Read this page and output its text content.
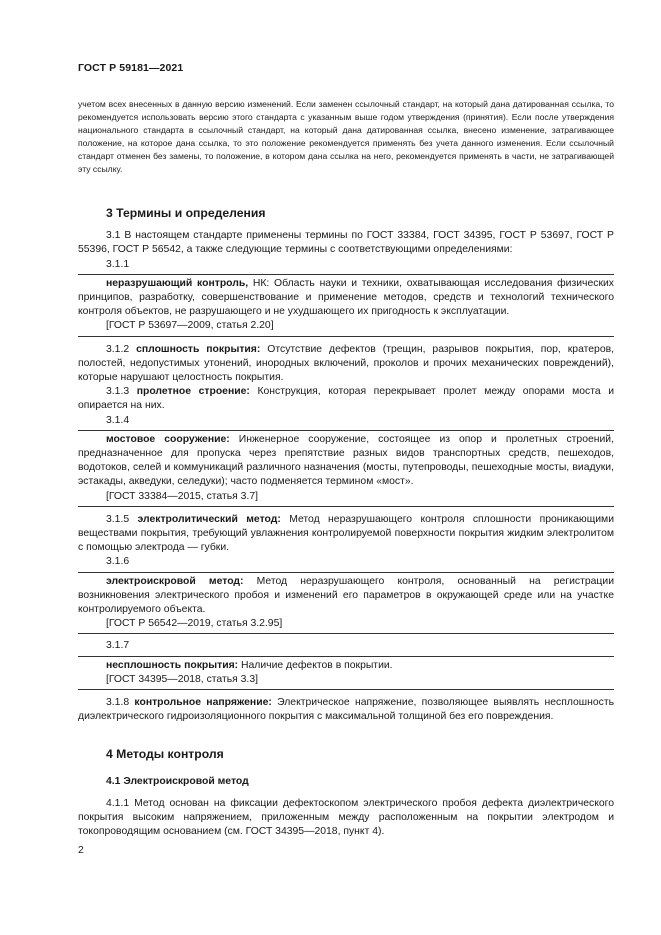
ГОСТ Р 59181—2021

учетом всех внесенных в данную версию изменений. Если заменен ссылочный стандарт, на который дана датированная ссылка, то рекомендуется использовать версию этого стандарта с указанным выше годом утверждения (принятия). Если после утверждения национального стандарта в ссылочный стандарт, на который дана датированная ссылка, внесено изменение, затрагивающее положение, на которое дана ссылка, то это положение рекомендуется применять без учета данного изменения. Если ссылочный стандарт отменен без замены, то положение, в котором дана ссылка на него, рекомендуется применять в части, не затрагивающей эту ссылку.

3 Термины и определения

3.1 В настоящем стандарте применены термины по ГОСТ 33384, ГОСТ 34395, ГОСТ Р 53697, ГОСТ Р 55396, ГОСТ Р 56542, а также следующие термины с соответствующими определениями:

3.1.1

неразрушающий контроль, НК: Область науки и техники, охватывающая исследования физических принципов, разработку, совершенствование и применение методов, средств и технологий технического контроля объектов, не разрушающего и не ухудшающего их пригодность к эксплуатации.

[ГОСТ Р 53697—2009, статья 2.20]

3.1.2 сплошность покрытия: Отсутствие дефектов (трещин, разрывов покрытия, пор, кратеров, полостей, недопустимых утонений, инородных включений, проколов и прочих механических повреждений), которые нарушают целостность покрытия.

3.1.3 пролетное строение: Конструкция, которая перекрывает пролет между опорами моста и опирается на них.

3.1.4

мостовое сооружение: Инженерное сооружение, состоящее из опор и пролетных строений, предназначенное для пропуска через препятствие разных видов транспортных средств, пешеходов, водотоков, селей и коммуникаций различного назначения (мосты, путепроводы, пешеходные мосты, виадуки, эстакады, акведуки, селедуки); часто подменяется термином «мост».

[ГОСТ 33384—2015, статья 3.7]

3.1.5 электролитический метод: Метод неразрушающего контроля сплошности проникающими веществами покрытия, требующий увлажнения контролируемой поверхности покрытия жидким электролитом с помощью электрода — губки.

3.1.6

электроискровой метод: Метод неразрушающего контроля, основанный на регистрации возникновения электрического пробоя и изменений его параметров в окружающей среде или на участке контролируемого объекта.

[ГОСТ Р 56542—2019, статья 3.2.95]

3.1.7

несплошность покрытия: Наличие дефектов в покрытии.

[ГОСТ 34395—2018, статья 3.3]

3.1.8 контрольное напряжение: Электрическое напряжение, позволяющее выявлять несплошность диэлектрического гидроизоляционного покрытия с максимальной толщиной без его повреждения.

4 Методы контроля
4.1 Электроискровой метод

4.1.1 Метод основан на фиксации дефектоскопом электрического пробоя дефекта диэлектрического покрытия высоким напряжением, приложенным между расположенным на покрытии электродом и токопроводящим основанием (см. ГОСТ 34395—2018, пункт 4).

2
